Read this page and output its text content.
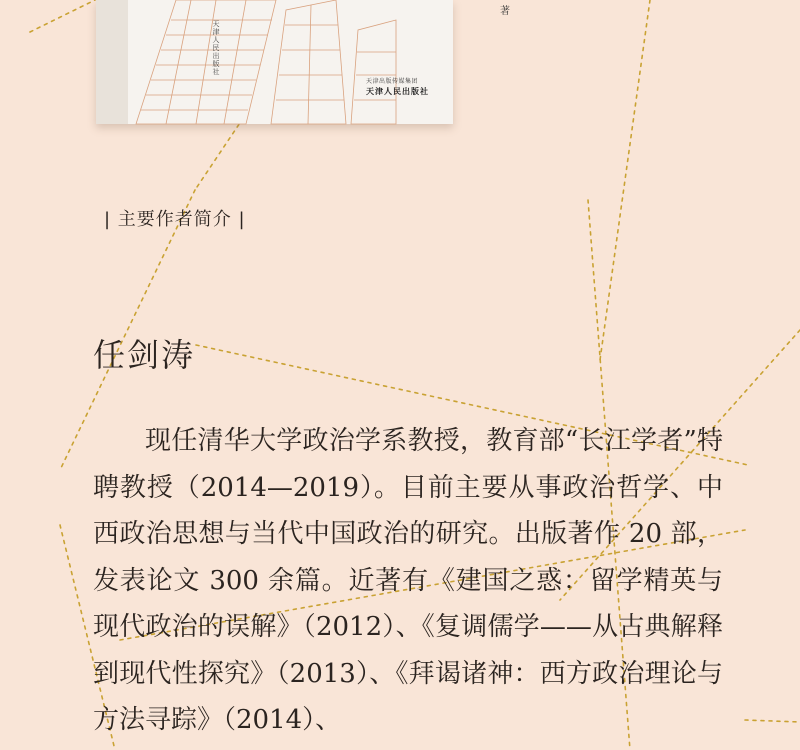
天津人民出版社
著
天津出版传媒集团
天津人民出版社
| 主要作者简介 |
任剑涛

现任清华大学政治学系教授，教育部“长江学者”特聘教授（2014—2019）。目前主要从事政治哲学、中西政治思想与当代中国政治的研究。出版著作 20 部，发表论文 300 余篇。近著有《建国之惑：留学精英与现代政治的误解》（2012）、《复调儒学——从古典解释到现代性探究》（2013）、《拜谒诸神：西方政治理论与方法寻踪》（2014）、
